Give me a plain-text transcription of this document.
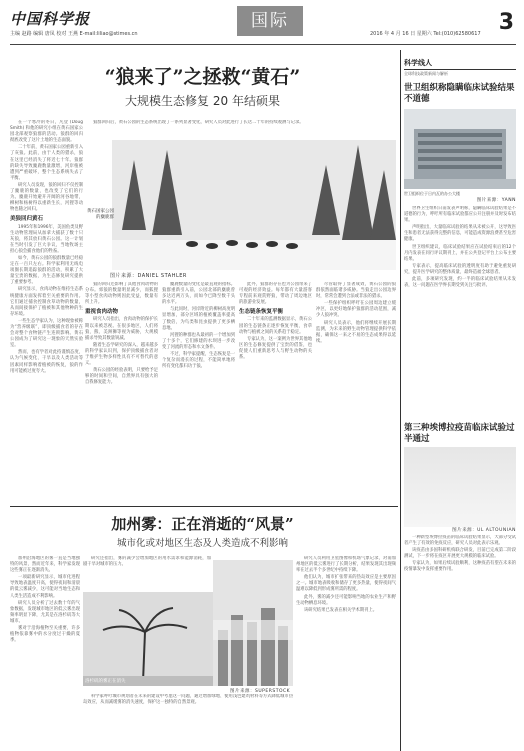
中国科学报
主编 赵路 编辑 唐凤 校对 王燕 E-mail:liliao@stimes.cn
国际
2016 年 4 月 16 日 星期六 Tel:(010)62580617 3
“狼来了”之拯救“黄石”
大规模生态修复 20 年结硕果

在一个寒冷的冬日，凡登 (Doug Smith) 和他的研究小组在黄石国家公园北部观察狼群的活动。狼群的回归彻底改变了这片土地的生态面貌。

二十年前，黄石国家公园重新引入了灰狼。此前，由于人类的猎杀，狼在这里已经消失了将近七十年。狼群的缺失导致麋鹿数量激增，河岸植被遭到严重破坏，整个生态系统失去了平衡。

研究人员发现，狼的回归不仅控制了麋鹿的数量，也改变了它们的行为。麋鹿开始避开开阔的河谷地带，柳树和杨树得以重新生长，河狸等动物也随之回归。

美狼回归黄石

1995年和1996年，美国鱼类及野生动物管理局从加拿大捕获了数十只灰狼，将其放归黄石公园。这一计划在当时引发了巨大争议，当地牧场主担心狼会捕食他们的牲畜。

如今，黄石公园的狼群数量已经稳定在一百只左右。科学家利用无线电项圈长期追踪狼群的活动，积累了大量宝贵的数据，为生态修复研究提供了重要参考。

研究显示，食肉动物在维持生态系统健康方面发挥着至关重要的作用。它们通过捕食控制食草动物的数量，从而间接保护了植被和其他物种的生存环境。

一些生态学家认为，这种现象被称为“营养级联”，即顶级捕食者的存在会对整个食物链产生连锁影响。黄石公园成为了研究这一现象的天然实验室。

然而，也有学者对此持谨慎态度，认为气候变化、干旱以及人类活动等因素同样影响着植被的恢复，狼的作用可能被过度夸大。

狼群回归后，黄石公园的生态系统出现了一系列显著变化，研究人员对此进行了长达二十年的持续观测与记录。

黄石国家公园的麋鹿群
图片来源：DANIEL STAHLER

狼的回归还影响了其他食肉动物的分布。郊狼的数量明显减少，而狐狸等小型食肉动物则因此受益，数量有所上升。

重视食肉动物

研究人员指出，食肉动物的保护长期以来被忽视。在很多地区，人们将狼、熊、美洲狮等视为威胁，大规模捕杀导致其数量锐减。

随着生态学研究的深入，越来越多的科学家认识到，保护顶级捕食者对于维护生物多样性具有不可替代的意义。

黄石公园的经验表明，只要给予足够的时间和空间，自然界具有强大的自我修复能力。

麋鹿数量的变化是最直观的指标。狼群重新引入前，公园北部的麋鹿曾多达近两万头，而如今已降至数千头的水平。

与此同时，河岸附近的柳树高度明显增加，部分区域的植被覆盖率提高了数倍，为鸟类和昆虫提供了更多栖息地。

河狸的种群也从最初的一个增加到了十多个，它们修建的水坝进一步改变了河流的形态和水文条件。

不过，科学家提醒，生态恢复是一个复杂而漫长的过程，不能简单地将所有变化都归功于狼。

此外，狼群的存在也为公园带来了可观的经济效益。每年都有大量游客专程前来观赏野狼，带动了周边地区的旅游业发展。

生态链条恢复平衡

二十年来的监测数据显示，黄石公园的生态链条正逐步恢复平衡，食草动物与植被之间的关系趋于稳定。

专家认为，这一案例为世界其他地区的生态修复提供了宝贵的借鉴，也促使人们重新思考人与野生动物的关系。

尽管取得了显著成效，黄石公园的狼群依然面临诸多威胁。当狼走出公园边界时，常常会遭到合法或非法的猎杀。

一些保护组织呼吁在公园周边建立缓冲区，以更好地保护狼群的活动范围，减少人狼冲突。

研究人员表示，他们将继续开展长期监测，为未来的野生动物管理提供科学依据，确保这一来之不易的生态成果得以延续。

科学线人
全球科技政策新闻与解析
世卫组织称隐瞒临床试验结果不道德
世卫组织位于日内瓦的办公大楼
图片来源：YANN

世界卫生组织日前发表声明称，隐瞒临床试验结果是不道德的行为，呼吁所有临床试验都应公开注册并及时发布结果。

声明指出，大量临床试验的结果从未被公开，这导致医生和患者无法获得完整的信息，可能造成资源浪费甚至危害健康。

世卫组织建议，临床试验结果应在试验结束后的12个月内发表在同行评议期刊上，并在公共登记平台上公布主要结果。

专家表示，提高临床试验的透明度有助于避免重复研究，提升医学研究的整体质量，最终造福全球患者。

此前，多项研究发现，约一半的临床试验结果从未发表，这一问题在医学界长期受到关注与批评。

第三种埃博拉疫苗临床试验过半通过
图片来源：UL ALTOUNIAN

一种新型埃博拉疫苗的临床试验结果显示，大部分受试者产生了有效的免疫反应，研究人员对此表示乐观。

该疫苗由多国科研机构联合研发，目前已完成第二阶段测试，下一步将在疫区开展更大规模的临床试验。

专家认为，如果后续试验顺利，这种疫苗有望在未来的疫情暴发中发挥重要作用。

加州雾：正在消逝的“风景”
城市化或对地区生态及人类造成不利影响

加州沿海地区的雾一直是当地独特的风景，然而近年来，科学家发现这些雾正在逐渐消失。

一项最新研究显示，城市化进程导致地表温度升高，使得夜间和清晨的低云雾减少，这可能对当地生态和人类生活造成不利影响。

研究人员分析了过去数十年的气象数据，发现城市地区的低云雾出现频率明显下降，尤其是在洛杉矶等大城市。

雾对于沿海植物至关重要，许多植物依靠雾中的水分度过干燥的夏季。

研究还指出，雾的减少会增加地区的用水需求和能源消耗，加剧干旱对城市的压力。

洛杉矶的雾正在消失
图片来源：SUPERSTOCK

科学家呼吁城市规划者在未来的建设中考虑这一问题，通过增加绿地、使用浅色建筑材料等方式降低城市热岛效应，从而减缓雾的消失速度，保护这一独特的自然景观。

研究人员利用卫星图像和机场气象记录，对南加州地区的低云雾进行了长期分析，结果发现其出现频率在过去半个多世纪中持续下降。

他们认为，城市扩张带来的热岛效应是主要原因之一。城市地表吸收和储存了更多热量，使得夜间气温难以降低到形成雾所需的程度。

此外，雾的减少还可能影响当地的农业生产和野生动物栖息环境。

该研究结果已发表在相关学术期刊上。
